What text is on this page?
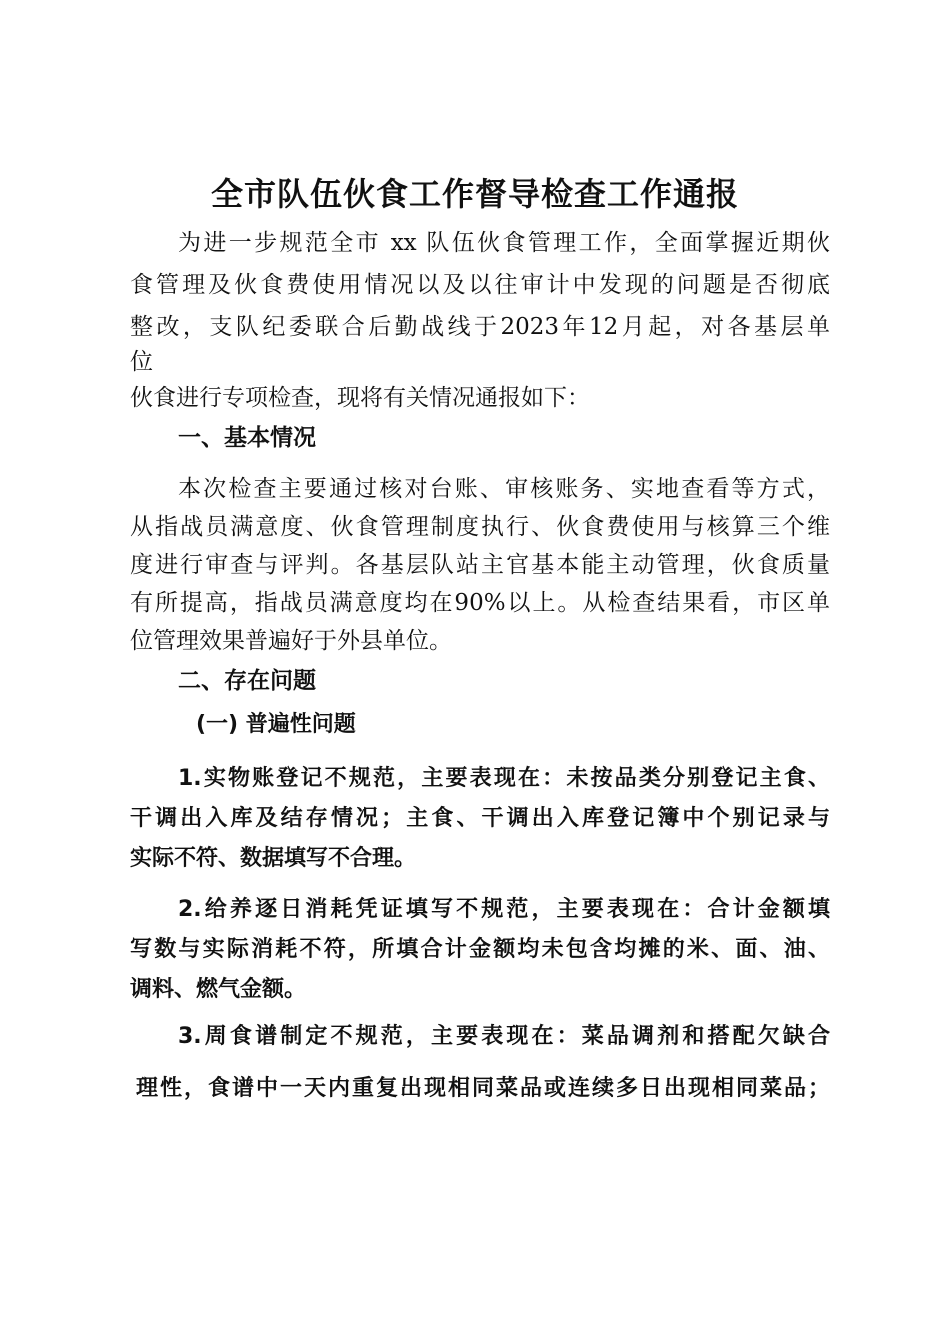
全市队伍伙食工作督导检查工作通报
为进一步规范全市 xx 队伍伙食管理工作，全面掌握近期伙
食管理及伙食费使用情况以及以往审计中发现的问题是否彻底
整改，支队纪委联合后勤战线于2023年12月起，对各基层单
位
伙食进行专项检查，现将有关情况通报如下：
一、基本情况
本次检查主要通过核对台账、审核账务、实地查看等方式，
从指战员满意度、伙食管理制度执行、伙食费使用与核算三个维
度进行审查与评判。各基层队站主官基本能主动管理，伙食质量
有所提高，指战员满意度均在90%以上。从检查结果看，市区单
位管理效果普遍好于外县单位。
二、存在问题
(一) 普遍性问题
1.实物账登记不规范，主要表现在：未按品类分别登记主食、
干调出入库及结存情况；主食、干调出入库登记簿中个别记录与
实际不符、数据填写不合理。
2.给养逐日消耗凭证填写不规范，主要表现在：合计金额填
写数与实际消耗不符，所填合计金额均未包含均摊的米、面、油、
调料、燃气金额。
3.周食谱制定不规范，主要表现在：菜品调剂和搭配欠缺合
理性，食谱中一天内重复出现相同菜品或连续多日出现相同菜品；
